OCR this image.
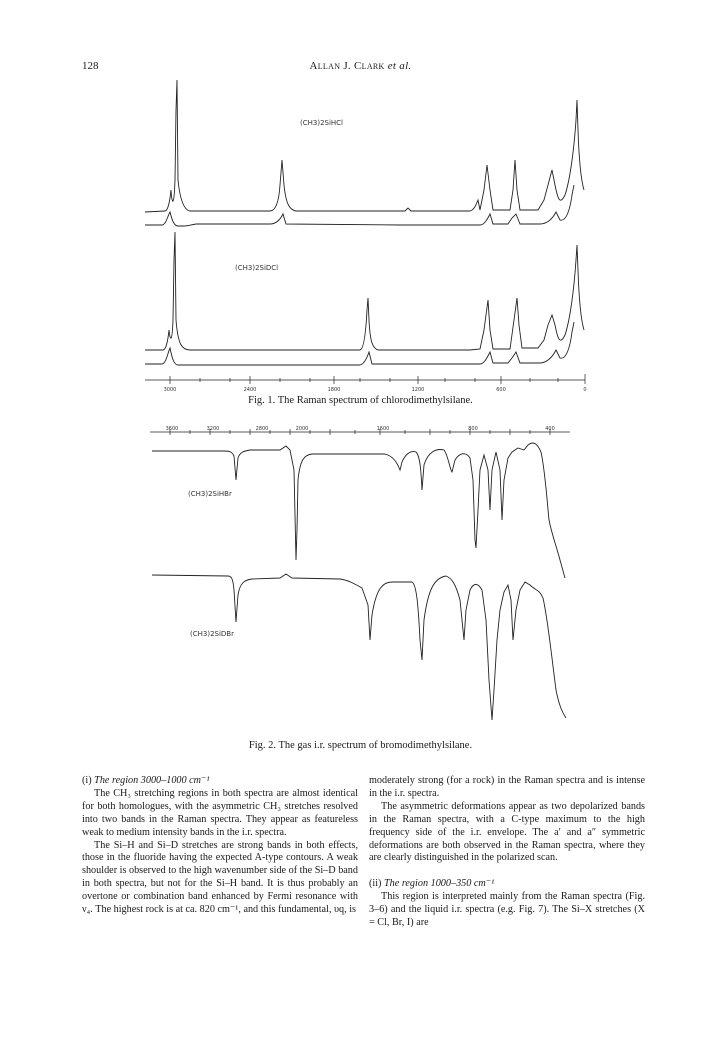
128	Allan J. Clark et al.
3000	2400	1800	1200	600	0
(CH3)2SiHCl
(CH3)2SiDCl
Fig. 1. The Raman spectrum of chlorodimethylsilane.
3600	3200	2800	2000	1600	800	400
(CH3)2SiHBr
(CH3)2SiDBr
Fig. 2. The gas i.r. spectrum of bromodimethylsilane.

(i) The region 3000–1000 cm⁻¹

The CH₃ stretching regions in both spectra are almost identical for both homologues, with the asymmetric CH₃ stretches resolved into two bands in the Raman spectra. They appear as featureless weak to medium intensity bands in the i.r. spectra.

The Si–H and Si–D stretches are strong bands in both effects, those in the fluoride having the expected A-type contours. A weak shoulder is observed to the high wavenumber side of the Si–D band in both spectra, but not for the Si–H band. It is thus probably an overtone or combination band enhanced by Fermi resonance with ν₄. The highest rock is at ca. 820 cm⁻¹, and this fundamental, υq, is

moderately strong (for a rock) in the Raman spectra and is intense in the i.r. spectra.

The asymmetric deformations appear as two depolarized bands in the Raman spectra, with a C-type maximum to the high frequency side of the i.r. envelope. The a′ and a″ symmetric deformations are both observed in the Raman spectra, where they are clearly distinguished in the polarized scan.

(ii) The region 1000–350 cm⁻¹

This region is interpreted mainly from the Raman spectra (Fig. 3–6) and the liquid i.r. spectra (e.g. Fig. 7). The Si–X stretches (X = Cl, Br, I) are
